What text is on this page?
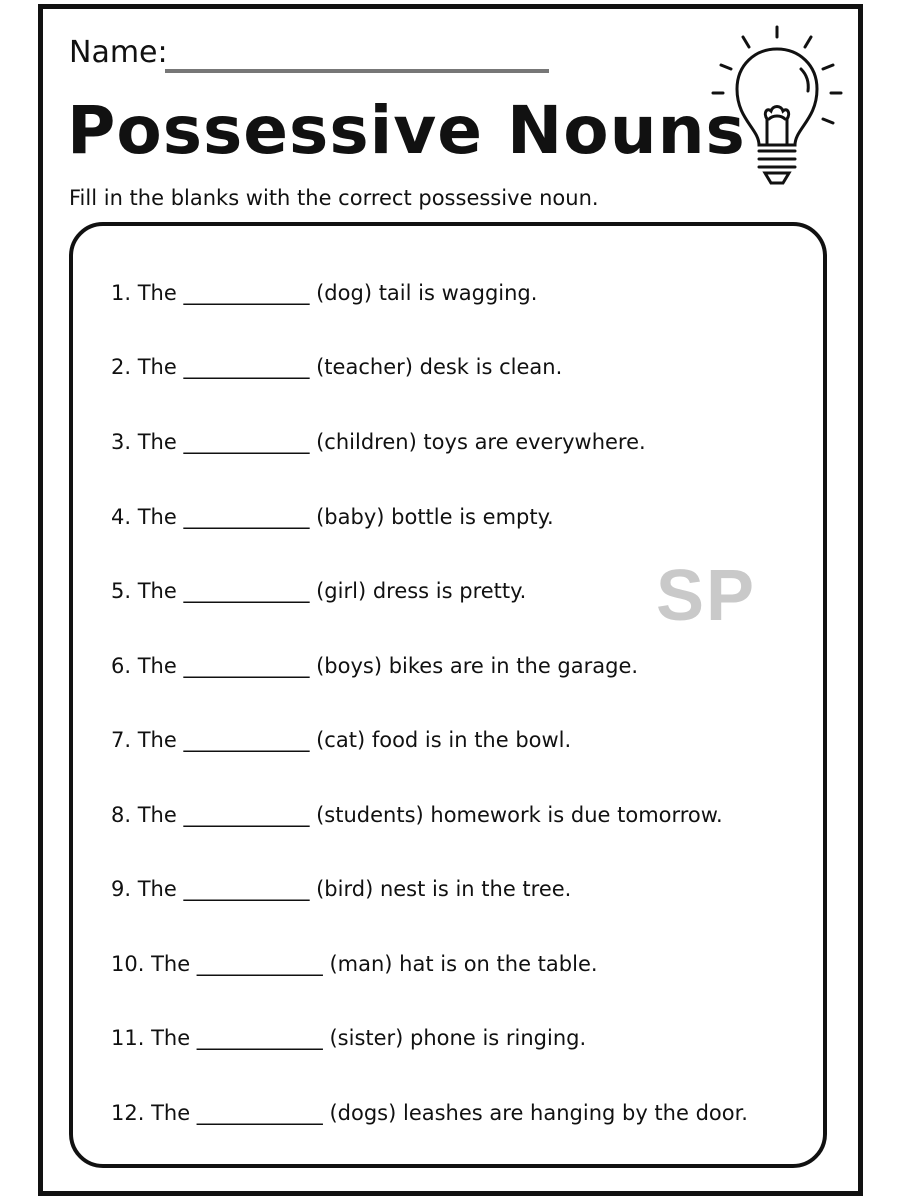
Name:
Possessive Nouns
Fill in the blanks with the correct possessive noun.
SP
1. The ____________ (dog) tail is wagging.
2. The ____________ (teacher) desk is clean.
3. The ____________ (children) toys are everywhere.
4. The ____________ (baby) bottle is empty.
5. The ____________ (girl) dress is pretty.
6. The ____________ (boys) bikes are in the garage.
7. The ____________ (cat) food is in the bowl.
8. The ____________ (students) homework is due tomorrow.
9. The ____________ (bird) nest is in the tree.
10. The ____________ (man) hat is on the table.
11. The ____________ (sister) phone is ringing.
12. The ____________ (dogs) leashes are hanging by the door.
